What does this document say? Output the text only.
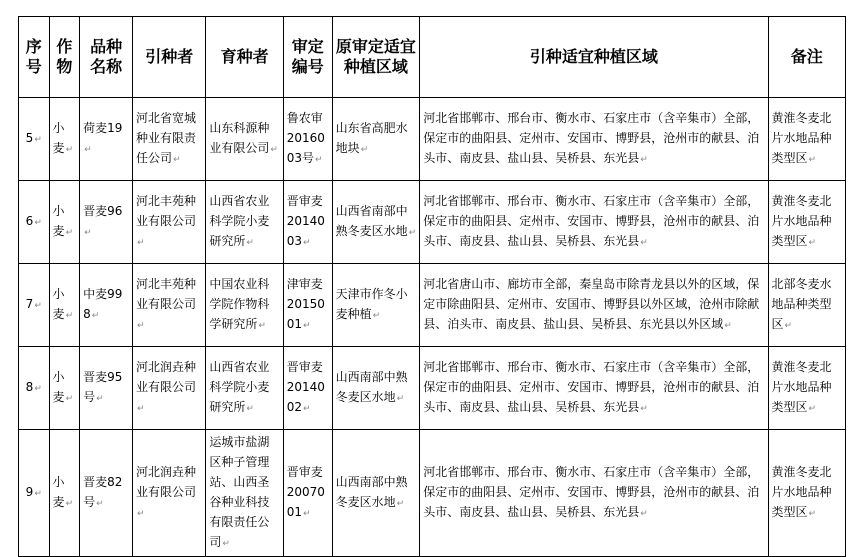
序号	作物	品种名称	引种者	育种者	审定编号	原审定适宜种植区域	引种适宜种植区域	备注
5↵	小麦↵	荷麦19↵	河北省宽城种业有限责任公司↵	山东科源种业有限公司↵	鲁农审20160​03号↵	山东省高肥水地块↵	河北省邯郸市、邢台市、衡水市、石家庄市（含辛集市）全部，保定市的曲阳县、定州市、安国市、博野县，沧州市的献县、泊头市、南皮县、盐山县、吴桥县、东光县↵	黄淮冬麦北片水地品种类型区↵
6↵	小麦↵	晋麦96↵	河北丰苑种业有限公司↵	山西省农业科学院小麦研究所↵	晋审麦20140​03↵	山西省南部中熟冬麦区水地↵	河北省邯郸市、邢台市、衡水市、石家庄市（含辛集市）全部，保定市的曲阳县、定州市、安国市、博野县，沧州市的献县、泊头市、南皮县、盐山县、吴桥县、东光县↵	黄淮冬麦北片水地品种类型区↵
7↵	小麦↵	中麦998↵	河北丰苑种业有限公司↵	中国农业科学院作物科学研究所↵	津审麦20150​01↵	天津市作冬小麦种植↵	河北省唐山市、廊坊市全部，秦皇岛市除青龙县以外的区域，保定市除曲阳县、定州市、安国市、博野县以外区域，沧州市除献县、泊头市、南皮县、盐山县、吴桥县、东光县以外区域↵	北部冬麦水地品种类型区↵
8↵	小麦↵	晋麦95号↵	河北润垚种业有限公司↵	山西省农业科学院小麦研究所↵	晋审麦20140​02↵	山西南部中熟冬麦区水地↵	河北省邯郸市、邢台市、衡水市、石家庄市（含辛集市）全部，保定市的曲阳县、定州市、安国市、博野县，沧州市的献县、泊头市、南皮县、盐山县、吴桥县、东光县↵	黄淮冬麦北片水地品种类型区↵
9↵	小麦↵	晋麦82号↵	河北润垚种业有限公司↵	运城市盐湖区种子管理站、山西圣谷种业科技有限责任公司↵	晋审麦20070​01↵	山西南部中熟冬麦区水地↵	河北省邯郸市、邢台市、衡水市、石家庄市（含辛集市）全部，保定市的曲阳县、定州市、安国市、博野县，沧州市的献县、泊头市、南皮县、盐山县、吴桥县、东光县↵	黄淮冬麦北片水地品种类型区↵
